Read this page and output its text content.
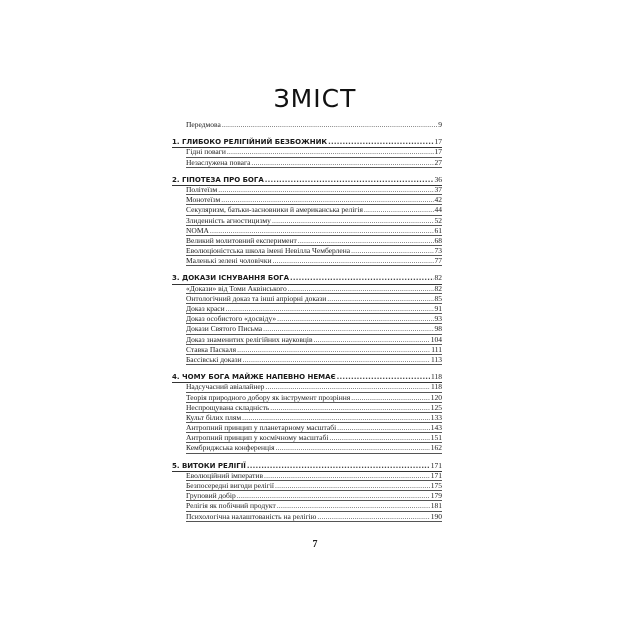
ЗМІСТ
Передмова .....	9
1. ГЛИБОКО РЕЛІГІЙНИЙ БЕЗБОЖНИК .....	17
Гідні поваги .....	17
Незаслужена повага .....	27
2. ГІПОТЕЗА ПРО БОГА .....	36
Політеїзм .....	37
Монотеїзм .....	42
Секуляризм, батьки-засновники й американська релігія .....	44
Злиденність агностицизму .....	52
NOMA .....	61
Великий молитовний експеримент .....	68
Еволюціоністська школа імені Невілла Чемберлена .....	73
Маленькі зелені чоловічки .....	77
3. ДОКАЗИ ІСНУВАННЯ БОГА .....	82
«Докази» від Томи Аквінського .....	82
Онтологічний доказ та інші апріорні докази .....	85
Доказ краси .....	91
Доказ особистого «досвіду» .....	93
Докази Святого Письма .....	98
Доказ знаменитих релігійних науковців .....	104
Ставка Паскаля .....	111
Бассівські докази .....	113
4. ЧОМУ БОГА МАЙЖЕ НАПЕВНО НЕМАЄ .....	118
Надсучасний авіалайнер .....	118
Теорія природного добору як інструмент прозріння .....	120
Неспрощувана складність .....	125
Культ білих плям .....	133
Антропний принцип у планетарному масштабі .....	143
Антропний принцип у космічному масштабі .....	151
Кембриджська конференція .....	162
5. ВИТОКИ РЕЛІГІЇ .....	171
Еволюційний імператив .....	171
Безпосередні вигоди релігії .....	175
Груповий добір .....	179
Релігія як побічний продукт .....	181
Психологічна налаштованість на релігію .....	190
7
